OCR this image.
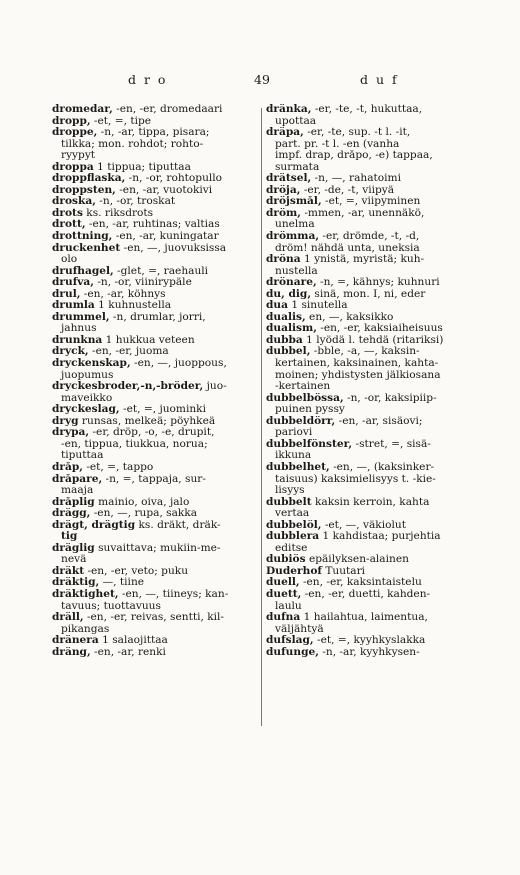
d r o	49	d u f
dromedar, -en, -er, dromedaari
dropp, -et, =, tipe
droppe, -n, -ar, tippa, pisara;
tilkka; mon. rohdot; rohto-
ryypyt
droppa 1 tippua; tiputtaa
droppflaska, -n, -or, rohtopullo
droppsten, -en, -ar, vuotokivi
droska, -n, -or, troskat
drots ks. riksdrots
drott, -en, -ar, ruhtinas; valtias
drottning, -en, -ar, kuningatar
druckenhet -en, —, juovuksissa
olo
drufhagel, -glet, =, raehauli
drufva, -n, -or, viinirypäle
drul, -en, -ar, köhnys
drumla 1 kuhnustella
drummel, -n, drumlar, jorri,
jahnus
drunkna 1 hukkua veteen
dryck, -en, -er, juoma
dryckenskap, -en, —, juoppous,
juopumus
dryckesbroder,-n,-bröder, juo-
maveikko
dryckeslag, -et, =, juominki
dryg runsas, melkeä; pöyhkeä
drypa, -er, dröp, -o, -e, drupit,
-en, tippua, tiukkua, norua;
tiputtaa
dråp, -et, =, tappo
dråpare, -n, =, tappaja, sur-
maaja
dråplig mainio, oiva, jalo
drägg, -en, —, rupa, sakka
drägt, drägtig ks. dräkt, dräk-
tig
dräglig suvaittava; mukiin-me-
nevä
dräkt -en, -er, veto; puku
dräktig, —, tiine
dräktighet, -en, —, tiineys; kan-
tavuus; tuottavuus
dräll, -en, -er, reivas, sentti, kil-
pikangas
dränera 1 salaojittaa
dräng, -en, -ar, renki
dränka, -er, -te, -t, hukuttaa,
upottaa
dräpa, -er, -te, sup. -t l. -it,
part. pr. -t l. -en (vanha
impf. drap, dråpo, -e) tappaa,
surmata
drätsel, -n, —, rahatoimi
dröja, -er, -de, -t, viipyä
dröjsmål, -et, =, viipyminen
dröm, -mmen, -ar, unennäkö,
unelma
drömma, -er, drömde, -t, -d,
dröm! nähdä unta, uneksia
dröna 1 ynistä, myristä; kuh-
nustella
drönare, -n, =, kähnys; kuhnuri
du, dig, sinä, mon. I, ni, eder
dua 1 sinutella
dualis, en, —, kaksikko
dualism, -en, -er, kaksiaiheisuus
dubba 1 lyödä l. tehdä (ritariksi)
dubbel, -bble, -a, —, kaksin-
kertainen, kaksinainen, kahta-
moinen; yhdistysten jälkiosana
-kertainen
dubbelbössa, -n, -or, kaksipiip-
puinen pyssy
dubbeldörr, -en, -ar, sisäovi;
pariovi
dubbelfönster, -stret, =, sisä-
ikkuna
dubbelhet, -en, —, (kaksinker-
taisuus) kaksimielisyys t. -kie-
lisyys
dubbelt kaksin kerroin, kahta
vertaa
dubbelöl, -et, —, väkiolut
dubblera 1 kahdistaa; purjehtia
editse
dubiös epäilyksen-alainen
Duderhof Tuutari
duell, -en, -er, kaksintaistelu
duett, -en, -er, duetti, kahden-
laulu
dufna 1 hailahtua, laimentua,
väljähtyä
dufslag, -et, =, kyyhkyslakka
dufunge, -n, -ar, kyyhkysen-
